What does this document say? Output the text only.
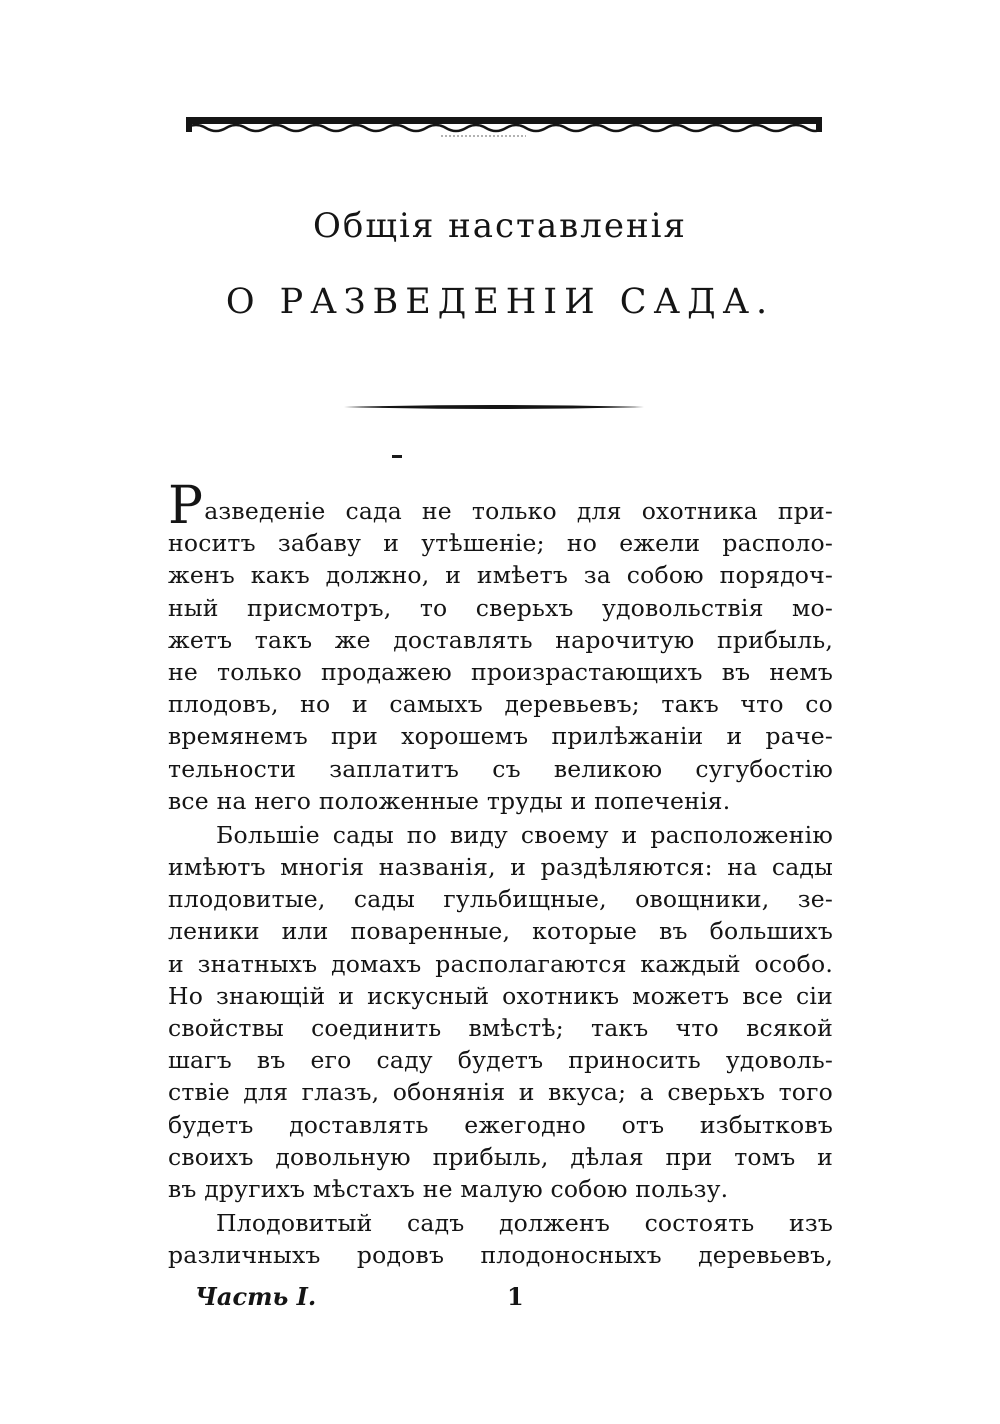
Общія наставленія
О РАЗВЕДЕНІИ САДА.
Разведеніе сада не только для охотника при-
носитъ забаву и утѣшеніе; но ежели располо-
женъ какъ должно, и имѣетъ за собою порядоч-
ный присмотръ, то сверьхъ удовольствія мо-
жетъ такъ же доставлять нарочитую прибыль,
не только продажею произрастающихъ въ немъ
плодовъ, но и самыхъ деревьевъ; такъ что со
времянемъ при хорошемъ прилѣжаніи и раче-
тельности заплатитъ съ великою сугубостію
все на него положенные труды и попеченія.
Большіе сады по виду своему и расположенію
имѣютъ многія названія, и раздѣляются: на сады
плодовитые, сады гульбищные, овощники, зе-
леники или поваренные, которые въ большихъ
и знатныхъ домахъ располагаются каждый особо.
Но знающій и искусный охотникъ можетъ все сіи
свойствы соединить вмѣстѣ; такъ что всякой
шагъ въ его саду будетъ приносить удоволь-
ствіе для глазъ, обонянія и вкуса; а сверьхъ того
будетъ доставлять ежегодно отъ избытковъ
своихъ довольную прибыль, дѣлая при томъ и
въ другихъ мѣстахъ не малую собою пользу.
Плодовитый садъ долженъ состоять изъ
различныхъ родовъ плодоносныхъ деревьевъ,
Часть I.	1
